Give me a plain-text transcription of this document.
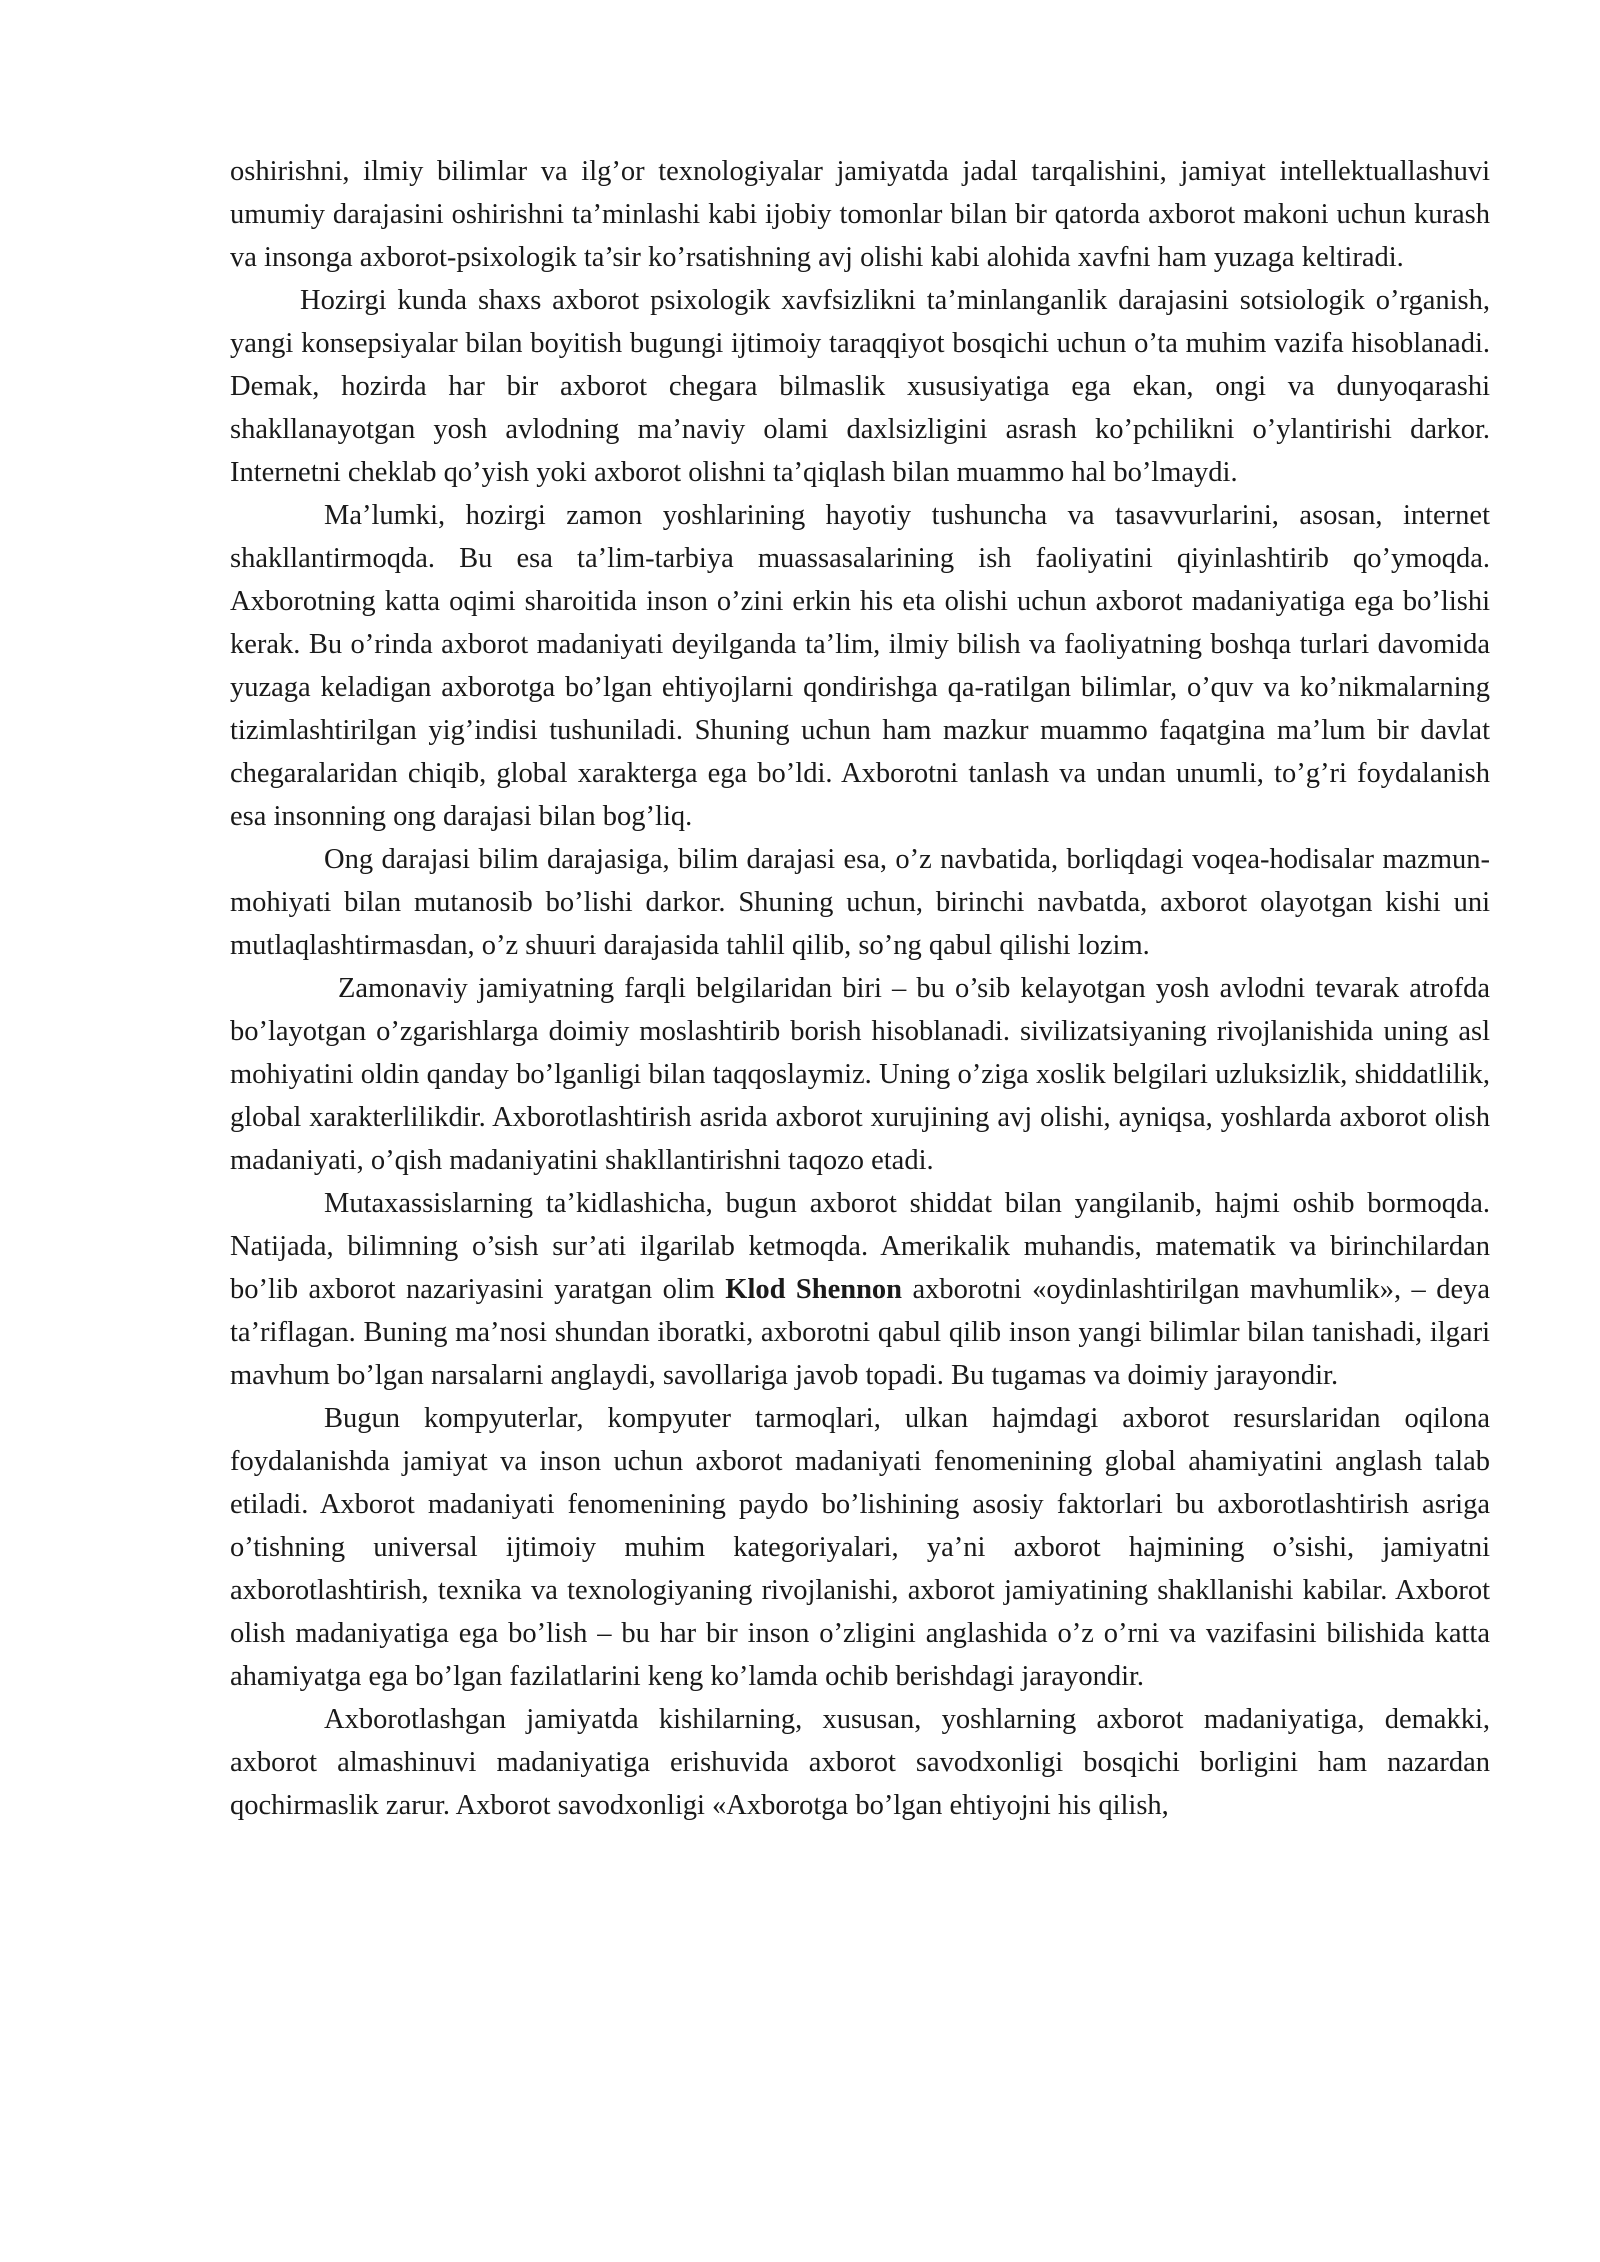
oshirishni, ilmiy bilimlar va ilg’or texnologiyalar jamiyatda jadal tarqalishini, jamiyat intellektuallashuvi umumiy darajasini oshirishni ta’minlashi kabi ijobiy tomonlar bilan bir qatorda axborot makoni uchun kurash va insonga axborot-psixologik ta’sir ko’rsatishning avj olishi kabi alohida xavfni ham yuzaga keltiradi.

Hozirgi kunda shaxs axborot psixologik xavfsizlikni ta’minlanganlik darajasini sotsiologik o’rganish, yangi konsepsiyalar bilan boyitish bugungi ijtimoiy taraqqiyot bosqichi uchun o’ta muhim vazifa hisoblanadi. Demak, hozirda har bir axborot chegara bilmaslik xususiyatiga ega ekan, ongi va dunyoqarashi shakllanayotgan yosh avlodning ma’naviy olami daxlsizligini asrash ko’pchilikni o’ylantirishi darkor. Internetni cheklab qo’yish yoki axborot olishni ta’qiqlash bilan muammo hal bo’lmaydi.

Ma’lumki, hozirgi zamon yoshlarining hayotiy tushuncha va tasavvurlarini, asosan, internet shakllantirmoqda. Bu esa ta’lim-tarbiya muassasalarining ish faoliyatini qiyinlashtirib qo’ymoqda. Axborotning katta oqimi sharoitida inson o’zini erkin his eta olishi uchun axborot madaniyatiga ega bo’lishi kerak. Bu o’rinda axborot madaniyati deyilganda ta’lim, ilmiy bilish va faoliyatning boshqa turlari davomida yuzaga keladigan axborotga bo’lgan ehtiyojlarni qondirishga qa-ratilgan bilimlar, o’quv va ko’nikmalarning tizimlashtirilgan yig’indisi tushuniladi. Shuning uchun ham mazkur muammo faqatgina ma’lum bir davlat chegaralaridan chiqib, global xarakterga ega bo’ldi. Axborotni tanlash va undan unumli, to’g’ri foydalanish esa insonning ong darajasi bilan bog’liq.

Ong darajasi bilim darajasiga, bilim darajasi esa, o’z navbatida, borliqdagi voqea-hodisalar mazmun-mohiyati bilan mutanosib bo’lishi darkor. Shuning uchun, birinchi navbatda, axborot olayotgan kishi uni mutlaqlashtirmasdan, o’z shuuri darajasida tahlil qilib, so’ng qabul qilishi lozim.

Zamonaviy jamiyatning farqli belgilaridan biri – bu o’sib kelayotgan yosh avlodni tevarak atrofda bo’layotgan o’zgarishlarga doimiy moslashtirib borish hisoblanadi. sivilizatsiyaning rivojlanishida uning asl mohiyatini oldin qanday bo’lganligi bilan taqqoslaymiz. Uning o’ziga xoslik belgilari uzluksizlik, shiddatlilik, global xarakterlilikdir. Axborotlashtirish asrida axborot xurujining avj olishi, ayniqsa, yoshlarda axborot olish madaniyati, o’qish madaniyatini shakllantirishni taqozo etadi.

Mutaxassislarning ta’kidlashicha, bugun axborot shiddat bilan yangilanib, hajmi oshib bormoqda. Natijada, bilimning o’sish sur’ati ilgarilab ketmoqda. Amerikalik muhandis, matematik va birinchilardan bo’lib axborot nazariyasini yaratgan olim Klod Shennon axborotni «oydinlashtirilgan mavhumlik», – deya ta’riflagan. Buning ma’nosi shundan iboratki, axborotni qabul qilib inson yangi bilimlar bilan tanishadi, ilgari mavhum bo’lgan narsalarni anglaydi, savollariga javob topadi. Bu tugamas va doimiy jarayondir.

Bugun kompyuterlar, kompyuter tarmoqlari, ulkan hajmdagi axborot resurslaridan oqilona foydalanishda jamiyat va inson uchun axborot madaniyati fenomenining global ahamiyatini anglash talab etiladi. Axborot madaniyati fenomenining paydo bo’lishining asosiy faktorlari bu axborotlashtirish asriga o’tishning universal ijtimoiy muhim kategoriyalari, ya’ni axborot hajmining o’sishi, jamiyatni axborotlashtirish, texnika va texnologiyaning rivojlanishi, axborot jamiyatining shakllanishi kabilar. Axborot olish madaniyatiga ega bo’lish – bu har bir inson o’zligini anglashida o’z o’rni va vazifasini bilishida katta ahamiyatga ega bo’lgan fazilatlarini keng ko’lamda ochib berishdagi jarayondir.

Axborotlashgan jamiyatda kishilarning, xususan, yoshlarning axborot madaniyatiga, demakki, axborot almashinuvi madaniyatiga erishuvida axborot savodxonligi bosqichi borligini ham nazardan qochirmaslik zarur. Axborot savodxonligi «Axborotga bo’lgan ehtiyojni his qilish,
